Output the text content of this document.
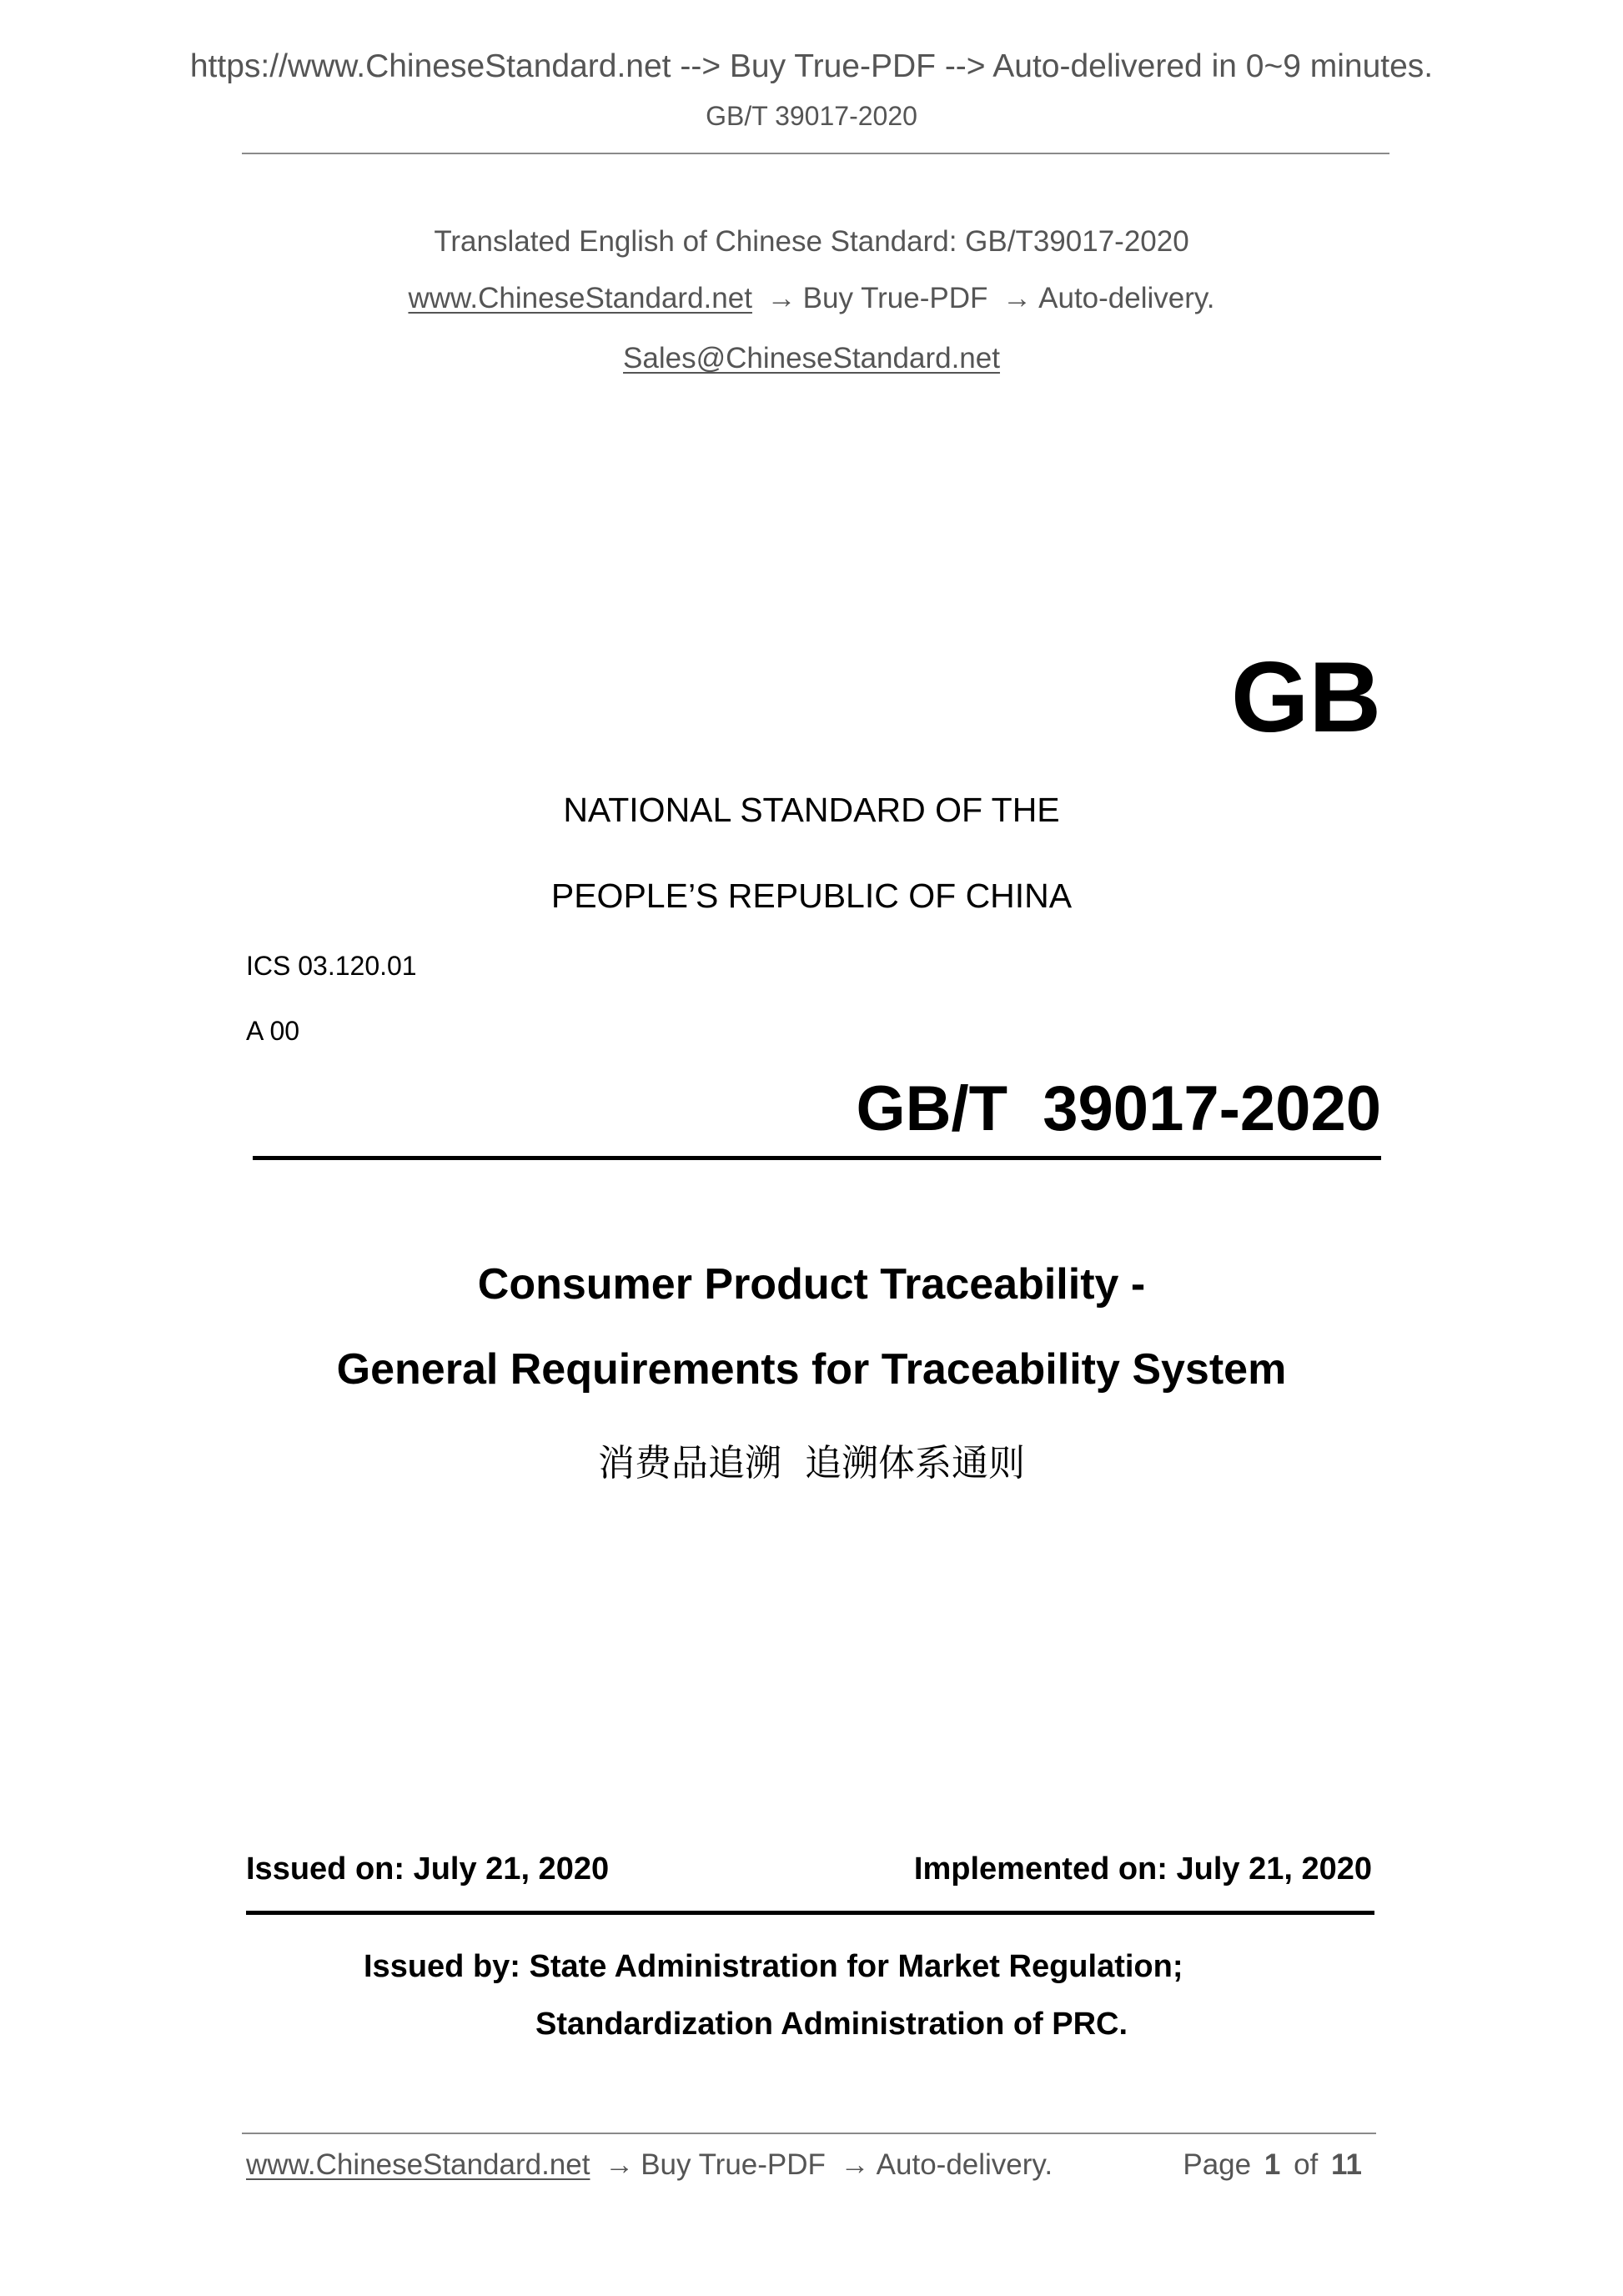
https://www.ChineseStandard.net --> Buy True-PDF --> Auto-delivered in 0~9 minutes.
GB/T 39017-2020
Translated English of Chinese Standard: GB/T39017-2020
www.ChineseStandard.net → Buy True-PDF → Auto-delivery.
Sales@ChineseStandard.net
GB
NATIONAL STANDARD OF THE
PEOPLE’S REPUBLIC OF CHINA
ICS 03.120.01
A 00
GB/T  39017-2020
Consumer Product Traceability -
General Requirements for Traceability System
消费品追溯  追溯体系通则
Issued on: July 21, 2020	Implemented on: July 21, 2020
Issued by: State Administration for Market Regulation;
Standardization Administration of PRC.
www.ChineseStandard.net → Buy True-PDF → Auto-delivery.	Page 1 of 11
